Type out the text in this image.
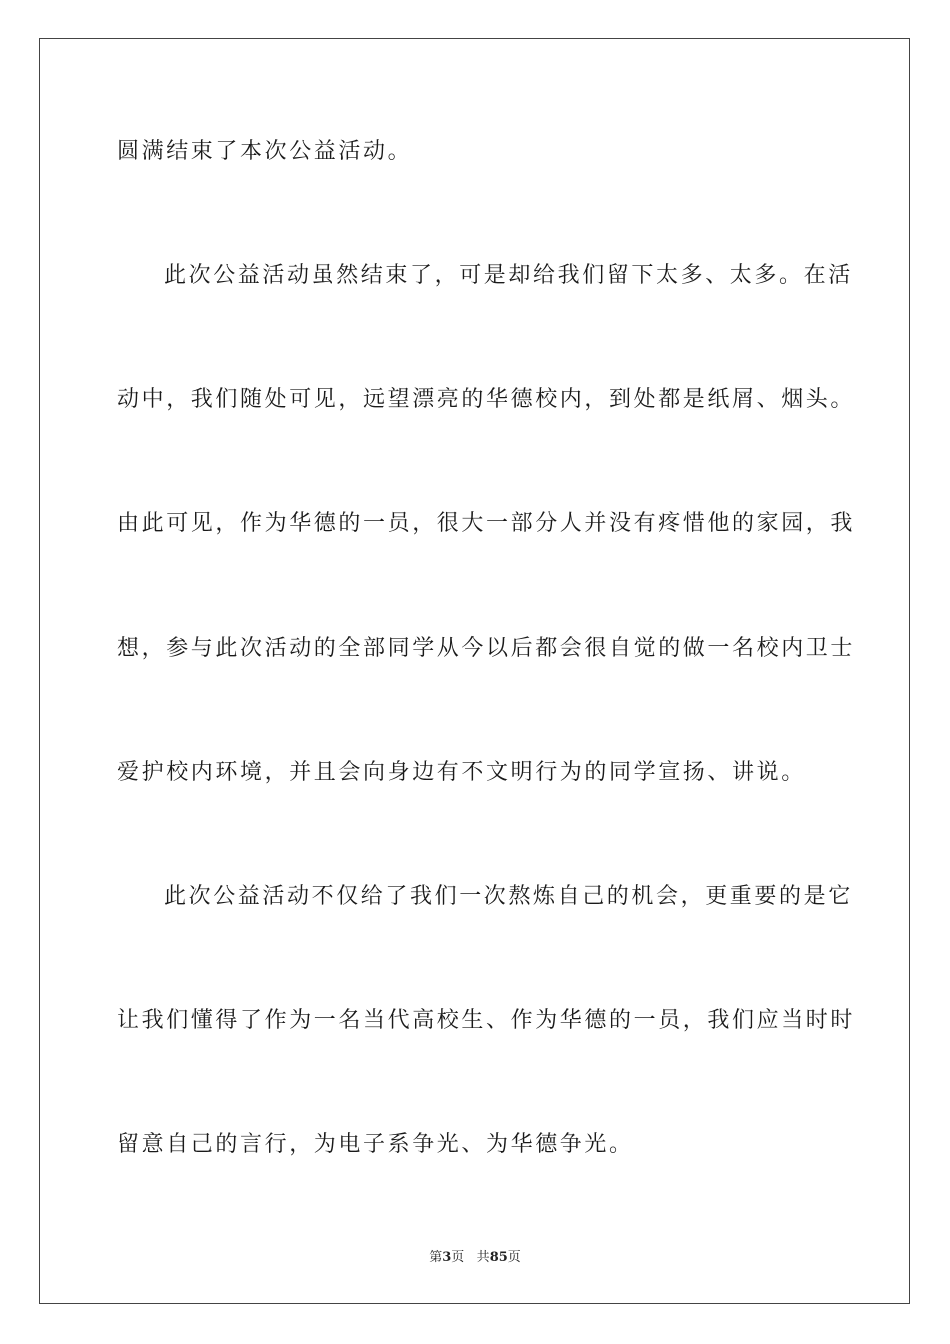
圆满结束了本次公益活动。
此次公益活动虽然结束了，可是却给我们留下太多、太多。在活
动中，我们随处可见，远望漂亮的华德校内，到处都是纸屑、烟头。
由此可见，作为华德的一员，很大一部分人并没有疼惜他的家园，我
想，参与此次活动的全部同学从今以后都会很自觉的做一名校内卫士
爱护校内环境，并且会向身边有不文明行为的同学宣扬、讲说。
此次公益活动不仅给了我们一次熬炼自己的机会，更重要的是它
让我们懂得了作为一名当代高校生、作为华德的一员，我们应当时时
留意自己的言行，为电子系争光、为华德争光。
第3页 共85页
